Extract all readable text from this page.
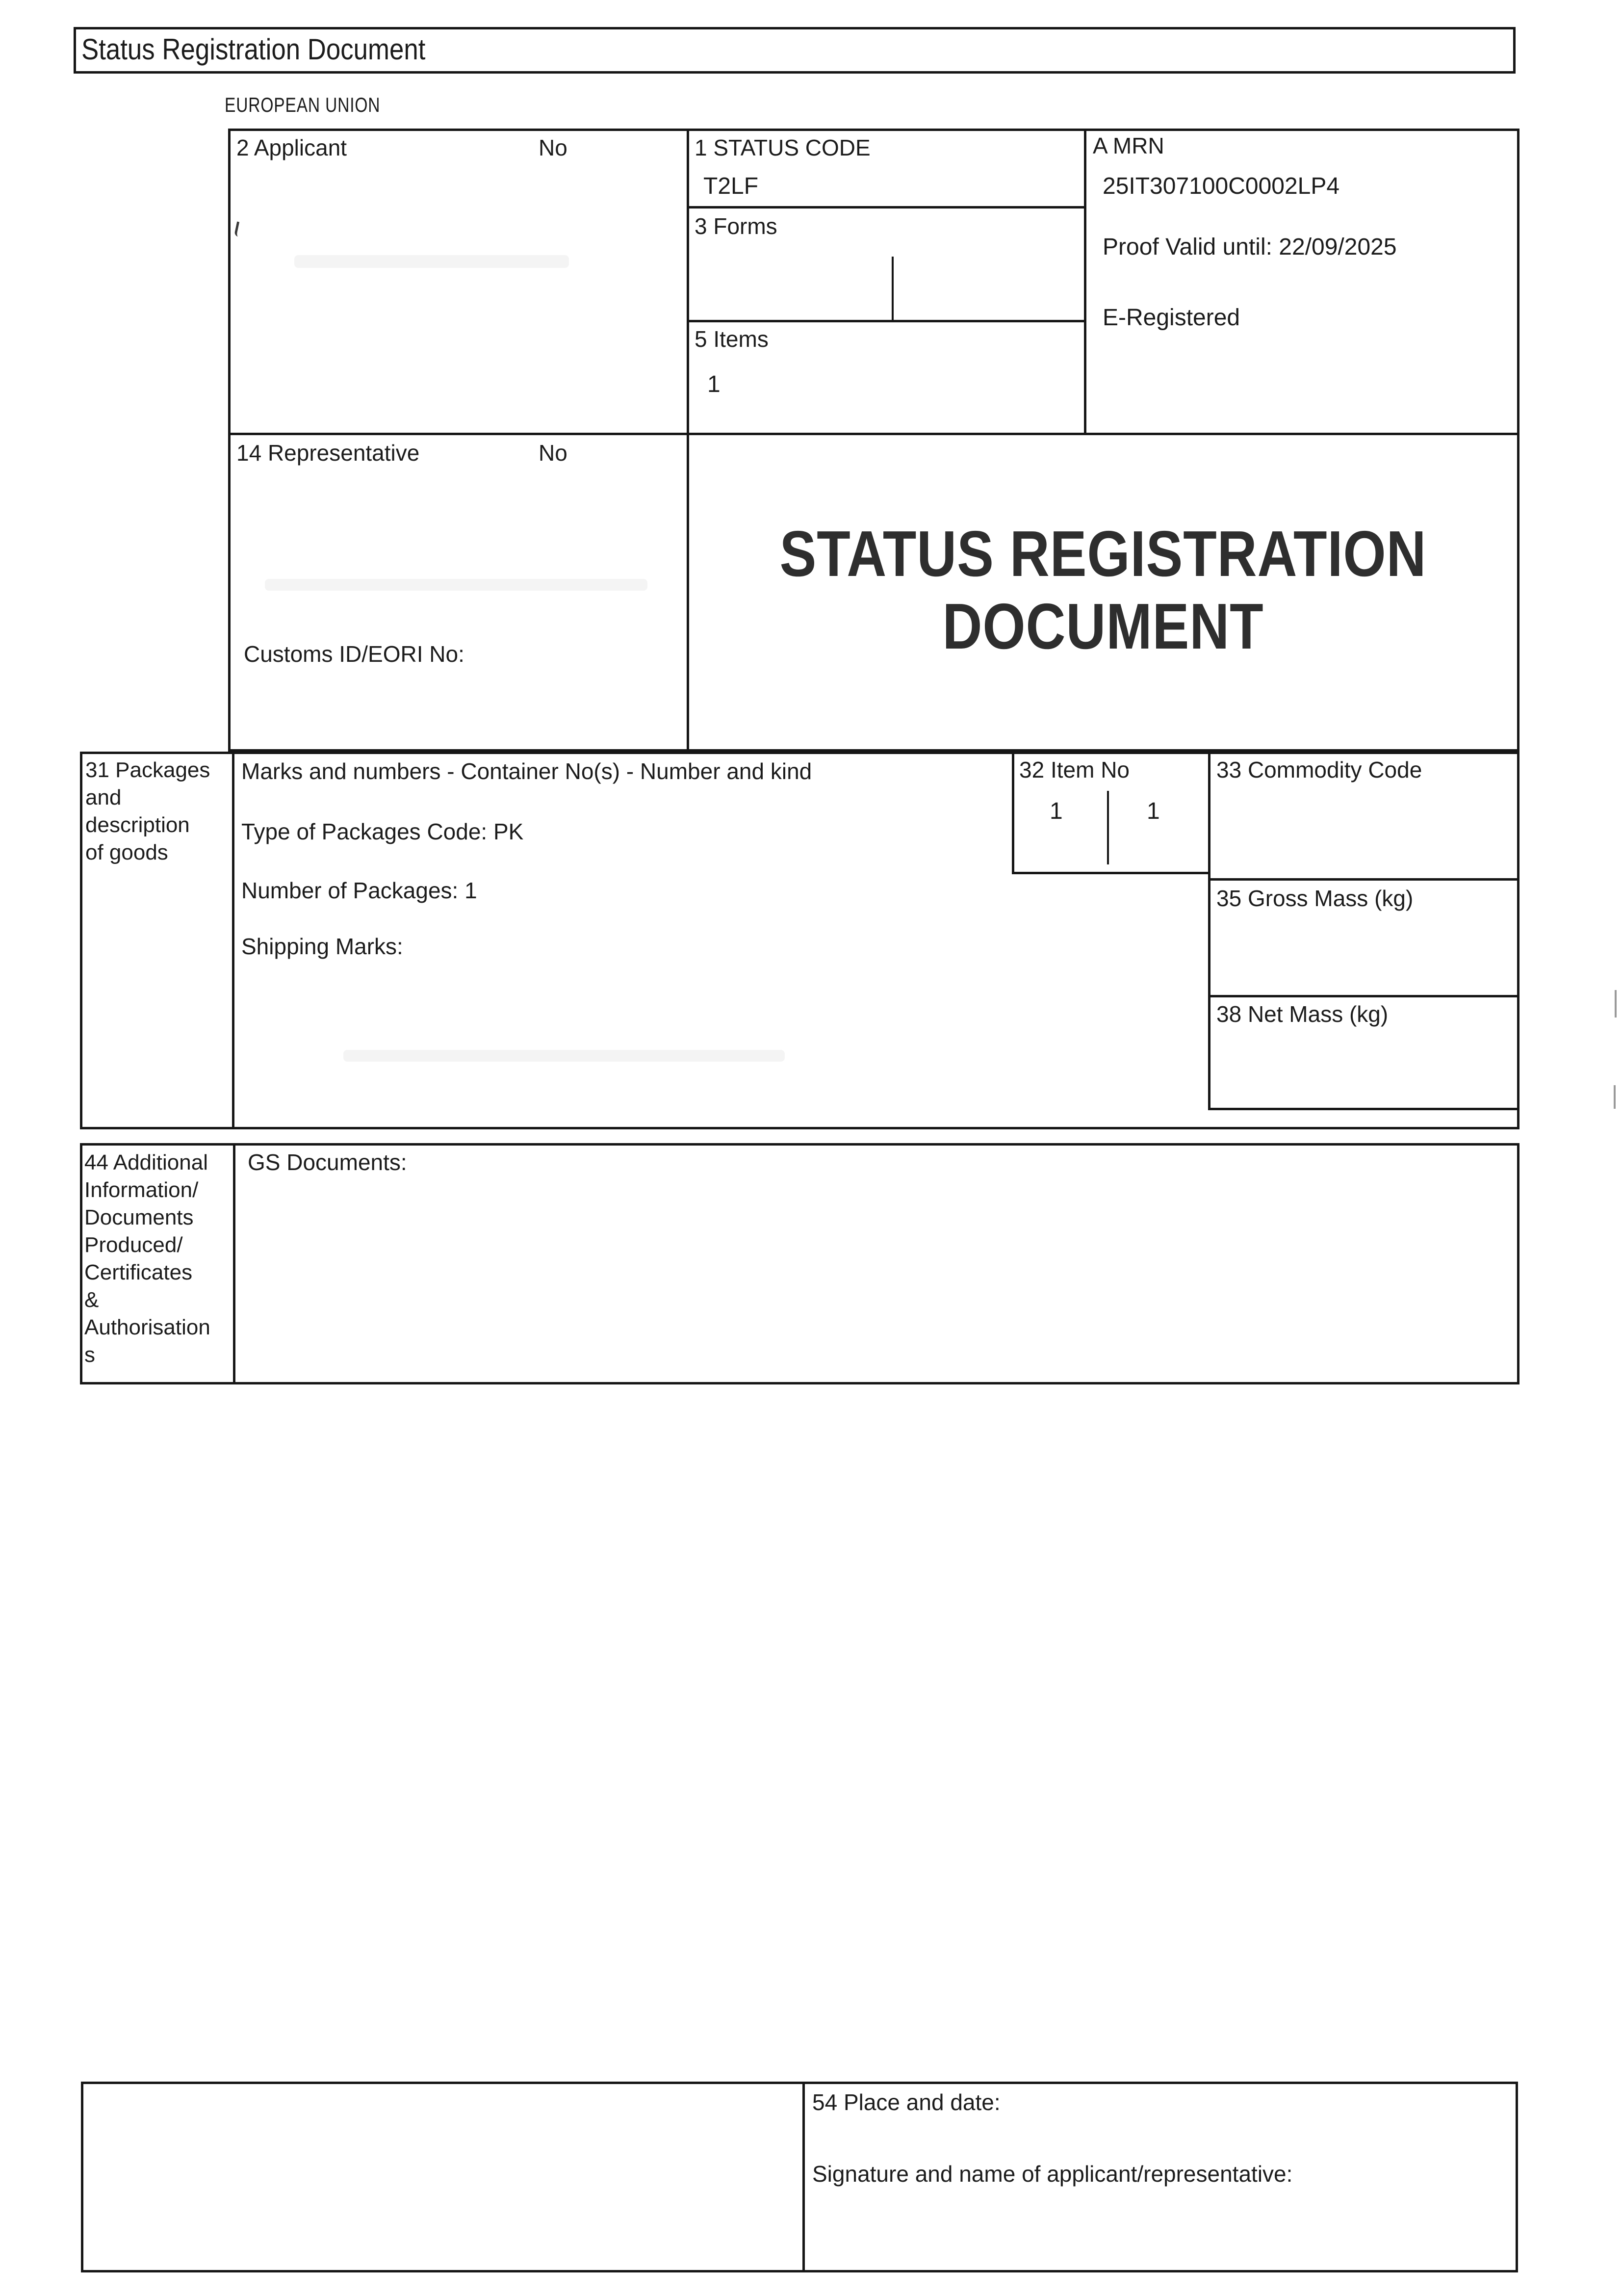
Status Registration Document
EUROPEAN UNION
2 Applicant	No	1 STATUS CODE
T2LF
3 Forms
5 Items
1
A MRN
25IT307100C0002LP4
Proof Valid until: 22/09/2025
E-Registered
14 Representative	No
Customs ID/EORI No:
STATUS REGISTRATION
DOCUMENT
31 Packages
and
description
of goods
Marks and numbers - Container No(s) - Number and kind
Type of Packages Code: PK
Number of Packages: 1
Shipping Marks:
32 Item No
1	1
33 Commodity Code
35 Gross Mass (kg)
38 Net Mass (kg)
44 Additional
Information/
Documents
Produced/
Certificates
&
Authorisation
s
GS Documents:
54 Place and date:
Signature and name of applicant/representative:
